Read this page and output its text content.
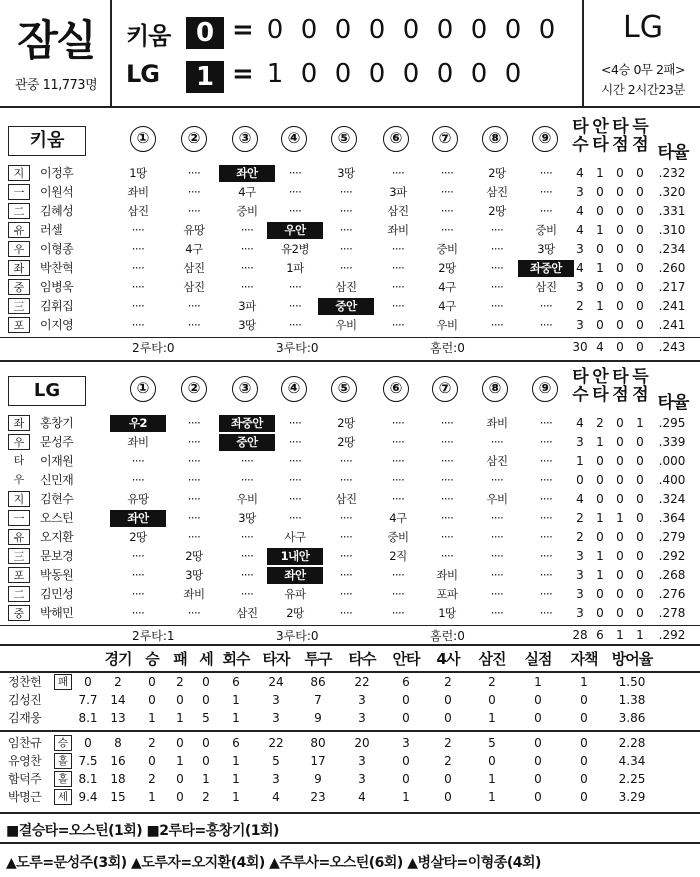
잠실
관중 11,773명
키움 0 = 0 0 0 0 0 0 0 0 0
LG	1 = 1 0 0 0 0 0 0 0
LG
<4승 0무 2패>
시간 2시간23분
키움	①	②	③	④	⑤	⑥	⑦	⑧	⑨
타
수
안
타
타
점
득
점 타율
지	이정후	1땅	····	좌안	····	3땅	····	····	2땅	····	4	1	0	0	.232
一	이원석	좌비	····	4구	····	····	3파	····	삼진	····	3	0	0	0	.320
二	김혜성	삼진	····	중비	····	····	삼진	····	2땅	····	4	0	0	0	.331
유	러셀	····	유땅	····	우안	····	좌비	····	····	중비	4	1	0	0	.310
우	이형종	····	4구	····	유2병	····	····	중비	····	3땅	3	0	0	0	.234
좌	박찬혁	····	삼진	····	1파	····	····	2땅	····	좌중안	4	1	0	0	.260
중	임병욱	····	삼진	····	····	삼진	····	4구	····	삼진	3	0	0	0	.217
三	김휘집	····	····	3파	····	중안	····	4구	····	····	2	1	0	0	.241
포	이지영	····	····	3땅	····	우비	····	우비	····	····	3	0	0	0	.241
2루타:0	3루타:0	홈런:0	30 4	0	0	.243
LG	①	②	③	④	⑤	⑥	⑦	⑧	⑨
타
수
안
타
타
점
득
점 타율
좌	홍창기	우2	····	좌중안	····	2땅	····	····	좌비	····	4	2	0	1	.295
우	문성주	좌비	····	중안	····	2땅	····	····	····	····	3	1	0	0	.339
타	이재원	····	····	····	····	····	····	····	삼진	····	1	0	0	0	.000
우	신민재	····	····	····	····	····	····	····	····	····	0	0	0	0	.400
지	김현수	유땅	····	우비	····	삼진	····	····	우비	····	4	0	0	0	.324
一	오스틴	좌안	····	3땅	····	····	4구	····	····	····	2	1	1	0	.364
유	오지환	2땅	····	····	사구	····	중비	····	····	····	2	0	0	0	.279
三	문보경	····	2땅	····	1내안	····	2직	····	····	····	3	1	0	0	.292
포	박동원	····	3땅	····	좌안	····	····	좌비	····	····	3	1	0	0	.268
二	김민성	····	좌비	····	유파	····	····	포파	····	····	3	0	0	0	.276
중	박해민	····	····	삼진	2땅	····	····	1땅	····	····	3	0	0	0	.278
2루타:1	3루타:0	홈런:0	28 6	1	1	.292
경기 승 패 세 회수 타자	투구	타수	안타	4사	삼진	실점	자책 방어율
정찬헌	패	0	2	0	2	0	6	24	86	22	6	2	2	1	1	1.50
김성진	7.7	14	0	0	0	1	3	7	3	0	0	0	0	0	1.38
김재웅	8.1	13	1	1	5	1	3	9	3	0	0	1	0	0	3.86
임찬규	승	0	8	2	0	0	6	22	80	20	3	2	5	0	0	2.28
유영찬	홀 7.5	16	0	1	0	1	5	17	3	0	2	0	0	0	4.34
함덕주	홀 8.1	18	2	0	1	1	3	9	3	0	0	1	0	0	2.25
박명근	세 9.4	15	1	0	2	1	4	23	4	1	0	1	0	0	3.29
■결승타=오스틴(1회) ■2루타=홍창기(1회)
▲도루=문성주(3회) ▲도루자=오지환(4회) ▲주루사=오스틴(6회) ▲병살타=이형종(4회)
